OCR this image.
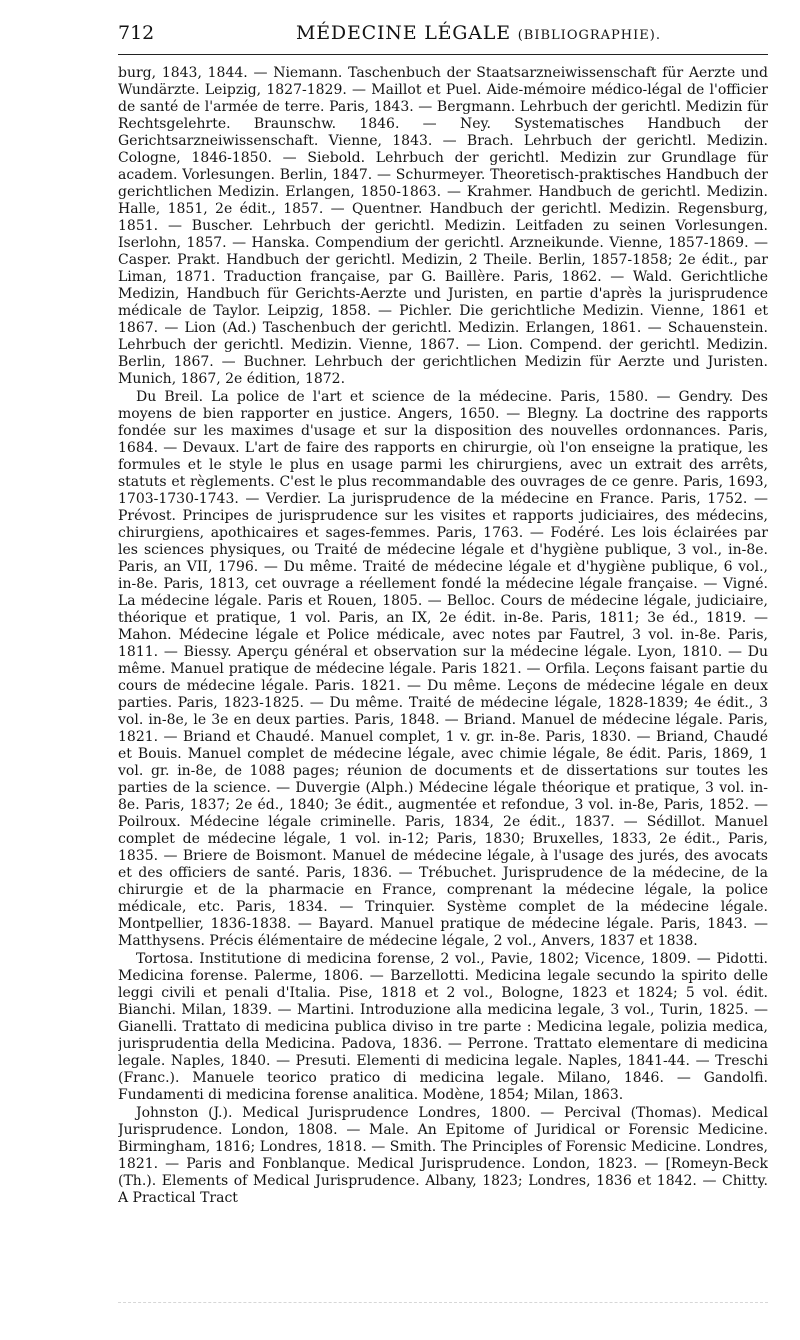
712	MÉDECINE LÉGALE (BIBLIOGRAPHIE).

burg, 1843, 1844. — Niemann. Taschenbuch der Staatsarzneiwissenschaft für Aerzte und Wundärzte. Leipzig, 1827-1829. — Maillot et Puel. Aide-mémoire médico-légal de l'officier de santé de l'armée de terre. Paris, 1843. — Bergmann. Lehrbuch der gerichtl. Medizin für Rechtsgelehrte. Braunschw. 1846. — Ney. Systematisches Handbuch der Gerichtsarzneiwissenschaft. Vienne, 1843. — Brach. Lehrbuch der gerichtl. Medizin. Cologne, 1846-1850. — Siebold. Lehrbuch der gerichtl. Medizin zur Grundlage für academ. Vorlesungen. Berlin, 1847. — Schurmeyer. Theoretisch-praktisches Handbuch der gerichtlichen Medizin. Erlangen, 1850-1863. — Krahmer. Handbuch de gerichtl. Medizin. Halle, 1851, 2e édit., 1857. — Quentner. Handbuch der gerichtl. Medizin. Regensburg, 1851. — Buscher. Lehrbuch der gerichtl. Medizin. Leitfaden zu seinen Vorlesungen. Iserlohn, 1857. — Hanska. Compendium der gerichtl. Arzneikunde. Vienne, 1857-1869. — Casper. Prakt. Handbuch der gerichtl. Medizin, 2 Theile. Berlin, 1857-1858; 2e édit., par Liman, 1871. Traduction française, par G. Baillère. Paris, 1862. — Wald. Gerichtliche Medizin, Handbuch für Gerichts-Aerzte und Juristen, en partie d'après la jurisprudence médicale de Taylor. Leipzig, 1858. — Pichler. Die gerichtliche Medizin. Vienne, 1861 et 1867. — Lion (Ad.) Taschenbuch der gerichtl. Medizin. Erlangen, 1861. — Schauenstein. Lehrbuch der gerichtl. Medizin. Vienne, 1867. — Lion. Compend. der gerichtl. Medizin. Berlin, 1867. — Buchner. Lehrbuch der gerichtlichen Medizin für Aerzte und Juristen. Munich, 1867, 2e édition, 1872.

Du Breil. La police de l'art et science de la médecine. Paris, 1580. — Gendry. Des moyens de bien rapporter en justice. Angers, 1650. — Blegny. La doctrine des rapports fondée sur les maximes d'usage et sur la disposition des nouvelles ordonnances. Paris, 1684. — Devaux. L'art de faire des rapports en chirurgie, où l'on enseigne la pratique, les formules et le style le plus en usage parmi les chirurgiens, avec un extrait des arrêts, statuts et règlements. C'est le plus recommandable des ouvrages de ce genre. Paris, 1693, 1703-1730-1743. — Verdier. La jurisprudence de la médecine en France. Paris, 1752. — Prévost. Principes de jurisprudence sur les visites et rapports judiciaires, des médecins, chirurgiens, apothicaires et sages-femmes. Paris, 1763. — Fodéré. Les lois éclairées par les sciences physiques, ou Traité de médecine légale et d'hygiène publique, 3 vol., in-8e. Paris, an VII, 1796. — Du même. Traité de médecine légale et d'hygiène publique, 6 vol., in-8e. Paris, 1813, cet ouvrage a réellement fondé la médecine légale française. — Vigné. La médecine légale. Paris et Rouen, 1805. — Belloc. Cours de médecine légale, judiciaire, théorique et pratique, 1 vol. Paris, an IX, 2e édit. in-8e. Paris, 1811; 3e éd., 1819. — Mahon. Médecine légale et Police médicale, avec notes par Fautrel, 3 vol. in-8e. Paris, 1811. — Biessy. Aperçu général et observation sur la médecine légale. Lyon, 1810. — Du même. Manuel pratique de médecine légale. Paris 1821. — Orfila. Leçons faisant partie du cours de médecine légale. Paris. 1821. — Du même. Leçons de médecine légale en deux parties. Paris, 1823-1825. — Du même. Traité de médecine légale, 1828-1839; 4e édit., 3 vol. in-8e, le 3e en deux parties. Paris, 1848. — Briand. Manuel de médecine légale. Paris, 1821. — Briand et Chaudé. Manuel complet, 1 v. gr. in-8e. Paris, 1830. — Briand, Chaudé et Bouis. Manuel complet de médecine légale, avec chimie légale, 8e édit. Paris, 1869, 1 vol. gr. in-8e, de 1088 pages; réunion de documents et de dissertations sur toutes les parties de la science. — Duvergie (Alph.) Médecine légale théorique et pratique, 3 vol. in-8e. Paris, 1837; 2e éd., 1840; 3e édit., augmentée et refondue, 3 vol. in-8e, Paris, 1852. — Poilroux. Médecine légale criminelle. Paris, 1834, 2e édit., 1837. — Sédillot. Manuel complet de médecine légale, 1 vol. in-12; Paris, 1830; Bruxelles, 1833, 2e édit., Paris, 1835. — Briere de Boismont. Manuel de médecine légale, à l'usage des jurés, des avocats et des officiers de santé. Paris, 1836. — Trébuchet. Jurisprudence de la médecine, de la chirurgie et de la pharmacie en France, comprenant la médecine légale, la police médicale, etc. Paris, 1834. — Trinquier. Système complet de la médecine légale. Montpellier, 1836-1838. — Bayard. Manuel pratique de médecine légale. Paris, 1843. — Matthysens. Précis élémentaire de médecine légale, 2 vol., Anvers, 1837 et 1838.

Tortosa. Institutione di medicina forense, 2 vol., Pavie, 1802; Vicence, 1809. — Pidotti. Medicina forense. Palerme, 1806. — Barzellotti. Medicina legale secundo la spirito delle leggi civili et penali d'Italia. Pise, 1818 et 2 vol., Bologne, 1823 et 1824; 5 vol. édit. Bianchi. Milan, 1839. — Martini. Introduzione alla medicina legale, 3 vol., Turin, 1825. — Gianelli. Trattato di medicina publica diviso in tre parte : Medicina legale, polizia medica, jurisprudentia della Medicina. Padova, 1836. — Perrone. Trattato elementare di medicina legale. Naples, 1840. — Presuti. Elementi di medicina legale. Naples, 1841-44. — Treschi (Franc.). Manuele teorico pratico di medicina legale. Milano, 1846. — Gandolfi. Fundamenti di medicina forense analitica. Modène, 1854; Milan, 1863.

Johnston (J.). Medical Jurisprudence Londres, 1800. — Percival (Thomas). Medical Jurisprudence. London, 1808. — Male. An Epitome of Juridical or Forensic Medicine. Birmingham, 1816; Londres, 1818. — Smith. The Principles of Forensic Medicine. Londres, 1821. — Paris and Fonblanque. Medical Jurisprudence. London, 1823. — [Romeyn-Beck (Th.). Elements of Medical Jurisprudence. Albany, 1823; Londres, 1836 et 1842. — Chitty. A Practical Tract
